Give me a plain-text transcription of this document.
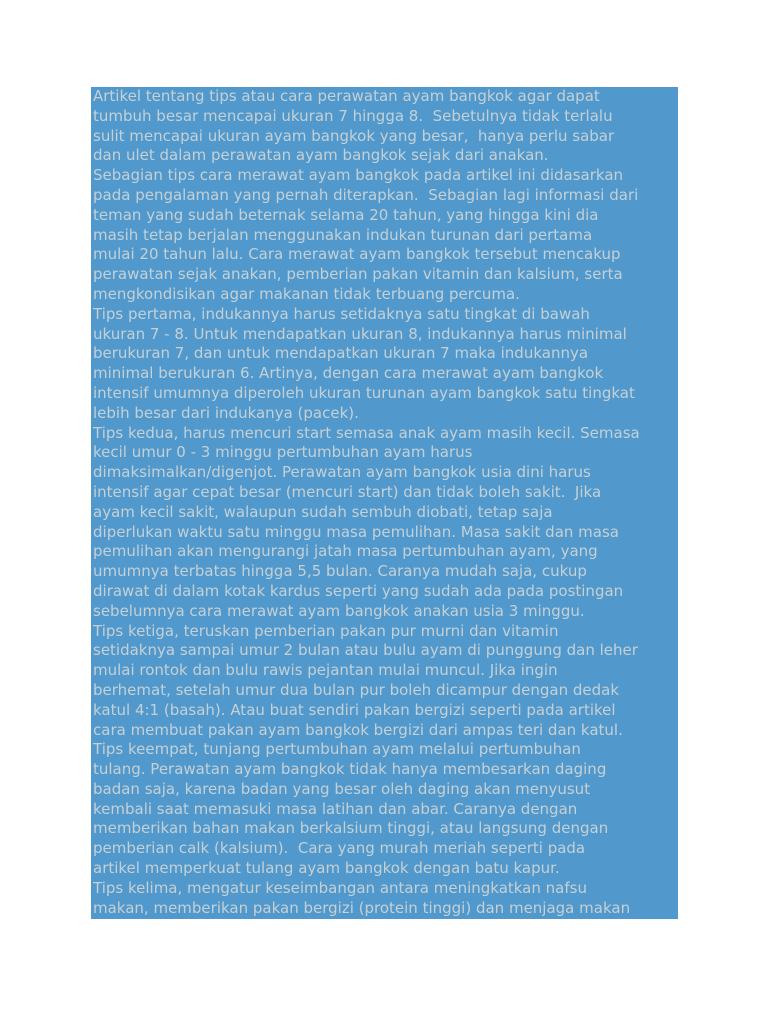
Artikel tentang tips atau cara perawatan ayam bangkok agar dapat
tumbuh besar mencapai ukuran 7 hingga 8.  Sebetulnya tidak terlalu
sulit mencapai ukuran ayam bangkok yang besar,  hanya perlu sabar
dan ulet dalam perawatan ayam bangkok sejak dari anakan.

Sebagian tips cara merawat ayam bangkok pada artikel ini didasarkan
pada pengalaman yang pernah diterapkan.  Sebagian lagi informasi dari
teman yang sudah beternak selama 20 tahun, yang hingga kini dia
masih tetap berjalan menggunakan indukan turunan dari pertama
mulai 20 tahun lalu. Cara merawat ayam bangkok tersebut mencakup
perawatan sejak anakan, pemberian pakan vitamin dan kalsium, serta
mengkondisikan agar makanan tidak terbuang percuma.

Tips pertama, indukannya harus setidaknya satu tingkat di bawah
ukuran 7 - 8. Untuk mendapatkan ukuran 8, indukannya harus minimal
berukuran 7, dan untuk mendapatkan ukuran 7 maka indukannya
minimal berukuran 6. Artinya, dengan cara merawat ayam bangkok
intensif umumnya diperoleh ukuran turunan ayam bangkok satu tingkat
lebih besar dari indukanya (pacek).

Tips kedua, harus mencuri start semasa anak ayam masih kecil. Semasa
kecil umur 0 - 3 minggu pertumbuhan ayam harus
dimaksimalkan/digenjot. Perawatan ayam bangkok usia dini harus
intensif agar cepat besar (mencuri start) dan tidak boleh sakit.  Jika
ayam kecil sakit, walaupun sudah sembuh diobati, tetap saja
diperlukan waktu satu minggu masa pemulihan. Masa sakit dan masa
pemulihan akan mengurangi jatah masa pertumbuhan ayam, yang
umumnya terbatas hingga 5,5 bulan. Caranya mudah saja, cukup
dirawat di dalam kotak kardus seperti yang sudah ada pada postingan
sebelumnya cara merawat ayam bangkok anakan usia 3 minggu.

Tips ketiga, teruskan pemberian pakan pur murni dan vitamin
setidaknya sampai umur 2 bulan atau bulu ayam di punggung dan leher
mulai rontok dan bulu rawis pejantan mulai muncul. Jika ingin
berhemat, setelah umur dua bulan pur boleh dicampur dengan dedak
katul 4:1 (basah). Atau buat sendiri pakan bergizi seperti pada artikel
cara membuat pakan ayam bangkok bergizi dari ampas teri dan katul.

Tips keempat, tunjang pertumbuhan ayam melalui pertumbuhan
tulang. Perawatan ayam bangkok tidak hanya membesarkan daging
badan saja, karena badan yang besar oleh daging akan menyusut
kembali saat memasuki masa latihan dan abar. Caranya dengan
memberikan bahan makan berkalsium tinggi, atau langsung dengan
pemberian calk (kalsium).  Cara yang murah meriah seperti pada
artikel memperkuat tulang ayam bangkok dengan batu kapur.

Tips kelima, mengatur keseimbangan antara meningkatkan nafsu
makan, memberikan pakan bergizi (protein tinggi) dan menjaga makan
